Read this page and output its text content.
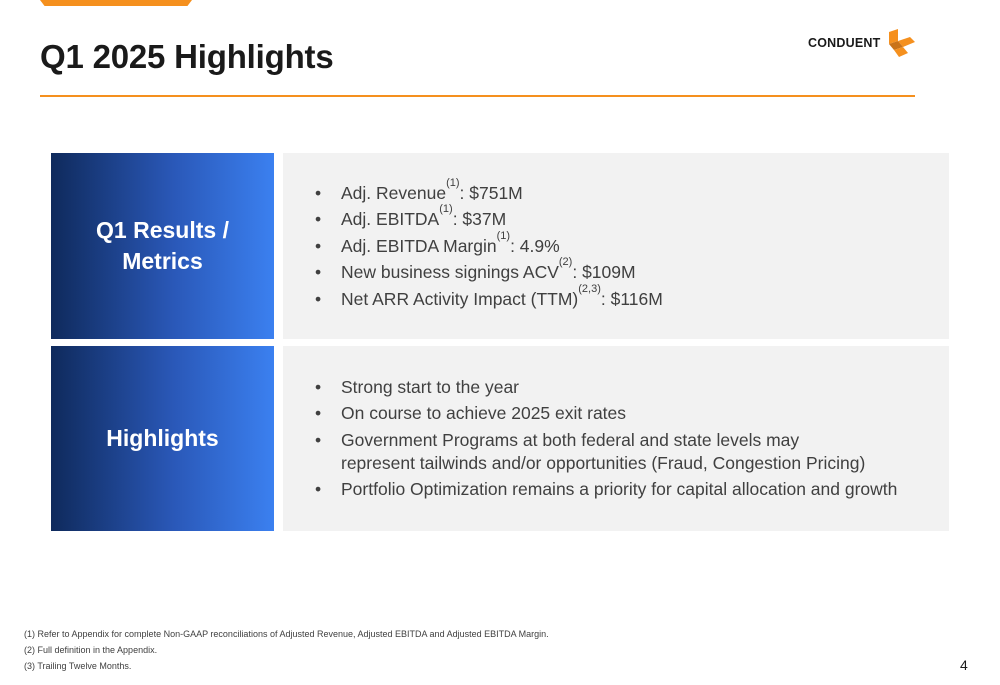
Q1 2025 Highlights	CONDUENT
Q1 Results /
Metrics
• Adj. Revenue$^{(1)}$: $751M
• Adj. EBITDA$^{(1)}$: $37M
• Adj. EBITDA Margin$^{(1)}$: 4.9%
• New business signings ACV$^{(2)}$: $109M
• Net ARR Activity Impact (TTM)$^{(2,3)}$: $116M
Highlights
• Strong start to the year
• On course to achieve 2025 exit rates
• Government Programs at both federal and state levels may represent tailwinds and/or opportunities (Fraud, Congestion Pricing)
• Portfolio Optimization remains a priority for capital allocation and growth
(1) Refer to Appendix for complete Non-GAAP reconciliations of Adjusted Revenue, Adjusted EBITDA and Adjusted EBITDA Margin.
(2) Full definition in the Appendix.
(3) Trailing Twelve Months.	4
